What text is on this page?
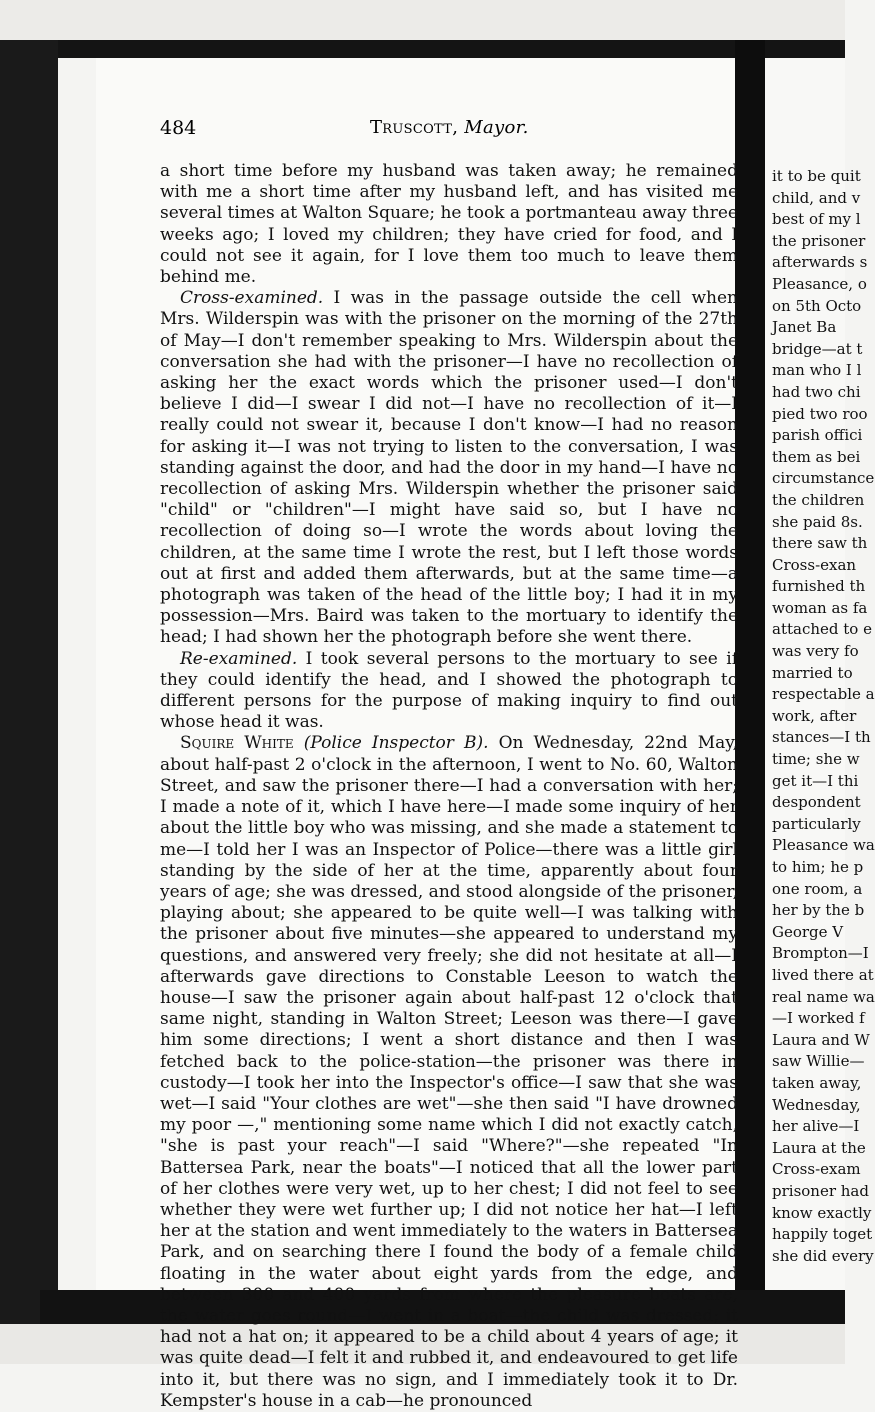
484	Truscott, Mayor.

a short time before my husband was taken away; he remained with me a short time after my husband left, and has visited me several times at Walton Square; he took a portmanteau away three weeks ago; I loved my children; they have cried for food, and I could not see it again, for I love them too much to leave them behind me.

Cross-examined. I was in the passage outside the cell when Mrs. Wilderspin was with the prisoner on the morning of the 27th of May—I don't remember speaking to Mrs. Wilderspin about the conversation she had with the prisoner—I have no recollection of asking her the exact words which the prisoner used—I don't believe I did—I swear I did not—I have no recollection of it—I really could not swear it, because I don't know—I had no reason for asking it—I was not trying to listen to the conversation, I was standing against the door, and had the door in my hand—I have no recollection of asking Mrs. Wilderspin whether the prisoner said "child" or "children"—I might have said so, but I have no recollection of doing so—I wrote the words about loving the children, at the same time I wrote the rest, but I left those words out at first and added them afterwards, but at the same time—a photograph was taken of the head of the little boy; I had it in my possession—Mrs. Baird was taken to the mortuary to identify the head; I had shown her the photograph before she went there.

Re-examined. I took several persons to the mortuary to see if they could identify the head, and I showed the photograph to different persons for the purpose of making inquiry to find out whose head it was.

Squire White (Police Inspector B). On Wednesday, 22nd May, about half-past 2 o'clock in the afternoon, I went to No. 60, Walton Street, and saw the prisoner there—I had a conversation with her; I made a note of it, which I have here—I made some inquiry of her about the little boy who was missing, and she made a statement to me—I told her I was an Inspector of Police—there was a little girl standing by the side of her at the time, apparently about four years of age; she was dressed, and stood alongside of the prisoner, playing about; she appeared to be quite well—I was talking with the prisoner about five minutes—she appeared to understand my questions, and answered very freely; she did not hesitate at all—I afterwards gave directions to Constable Leeson to watch the house—I saw the prisoner again about half-past 12 o'clock that same night, standing in Walton Street; Leeson was there—I gave him some directions; I went a short distance and then I was fetched back to the police-station—the prisoner was there in custody—I took her into the Inspector's office—I saw that she was wet—I said "Your clothes are wet"—she then said "I have drowned my poor —," mentioning some name which I did not exactly catch, "she is past your reach"—I said "Where?"—she repeated "In Battersea Park, near the boats"—I noticed that all the lower part of her clothes were very wet, up to her chest; I did not feel to see whether they were wet further up; I did not notice her hat—I left her at the station and went immediately to the waters in Battersea Park, and on searching there I found the body of a female child floating in the water about eight yards from the edge, and between 300 and 400 yards from where the pleasure boats are, the water goes round—I went in a boat—the child was dressed; it had not a hat on; it appeared to be a child about 4 years of age; it was quite dead—I felt it and rubbed it, and endeavoured to get life into it, but there was no sign, and I immediately took it to Dr. Kempster's house in a cab—he pronounced

it to be quit
child, and v
best of my l
the prisoner
afterwards s
Pleasance, o
on 5th Octo
Janet Ba
bridge—at t
man who I l
had two chi
pied two roo
parish offici
them as bei
circumstance
the children
she paid 8s.
there saw th
Cross-exan
furnished th
woman as fa
attached to e
was very fo
married to
respectable a
work, after
stances—I th
time; she w
get it—I thi
despondent
particularly
Pleasance wa
to him; he p
one room, a
her by the b
George V
Brompton—I
lived there at
real name wa
—I worked f
Laura and W
saw Willie—
taken away,
Wednesday,
her alive—I
Laura at the
Cross-exam
prisoner had
know exactly
happily toget
she did every
